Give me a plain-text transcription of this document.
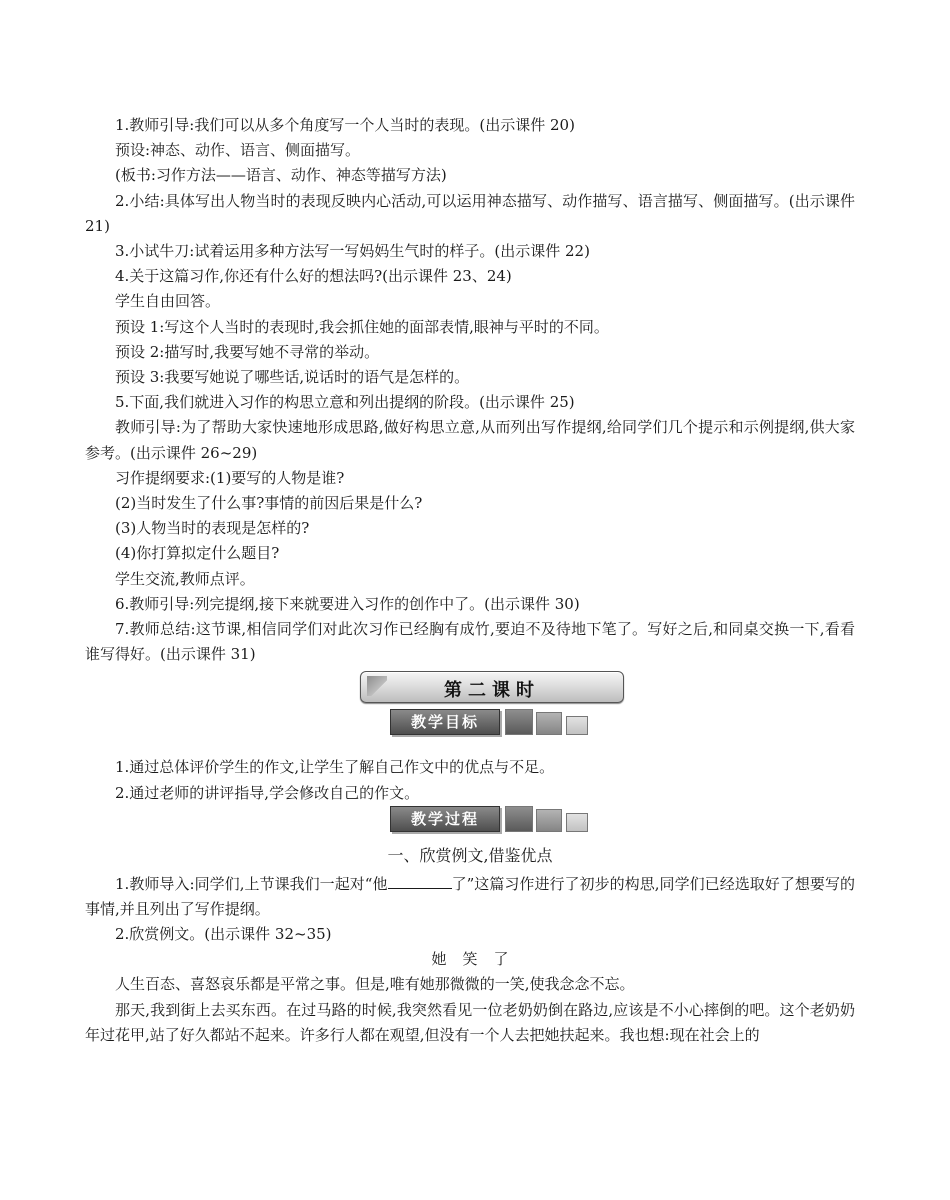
1.教师引导:我们可以从多个角度写一个人当时的表现。(出示课件 20)

预设:神态、动作、语言、侧面描写。

(板书:习作方法——语言、动作、神态等描写方法)

2.小结:具体写出人物当时的表现反映内心活动,可以运用神态描写、动作描写、语言描写、侧面描写。(出示课件 21)

3.小试牛刀:试着运用多种方法写一写妈妈生气时的样子。(出示课件 22)

4.关于这篇习作,你还有什么好的想法吗?(出示课件 23、24)

学生自由回答。

预设 1:写这个人当时的表现时,我会抓住她的面部表情,眼神与平时的不同。

预设 2:描写时,我要写她不寻常的举动。

预设 3:我要写她说了哪些话,说话时的语气是怎样的。

5.下面,我们就进入习作的构思立意和列出提纲的阶段。(出示课件 25)

教师引导:为了帮助大家快速地形成思路,做好构思立意,从而列出写作提纲,给同学们几个提示和示例提纲,供大家参考。(出示课件 26~29)

习作提纲要求:(1)要写的人物是谁?

(2)当时发生了什么事?事情的前因后果是什么?

(3)人物当时的表现是怎样的?

(4)你打算拟定什么题目?

学生交流,教师点评。

6.教师引导:列完提纲,接下来就要进入习作的创作中了。(出示课件 30)

7.教师总结:这节课,相信同学们对此次习作已经胸有成竹,要迫不及待地下笔了。写好之后,和同桌交换一下,看看谁写得好。(出示课件 31)

第二课时
教学目标

1.通过总体评价学生的作文,让学生了解自己作文中的优点与不足。

2.通过老师的讲评指导,学会修改自己的作文。

教学过程
一、欣赏例文,借鉴优点

1.教师导入:同学们,上节课我们一起对“他	了”这篇习作进行了初步的构思,同学们已经选取好了想要写的事情,并且列出了写作提纲。

2.欣赏例文。(出示课件 32~35)

她笑了

人生百态、喜怒哀乐都是平常之事。但是,唯有她那微微的一笑,使我念念不忘。

那天,我到街上去买东西。在过马路的时候,我突然看见一位老奶奶倒在路边,应该是不小心摔倒的吧。这个老奶奶年过花甲,站了好久都站不起来。许多行人都在观望,但没有一个人去把她扶起来。我也想:现在社会上的
